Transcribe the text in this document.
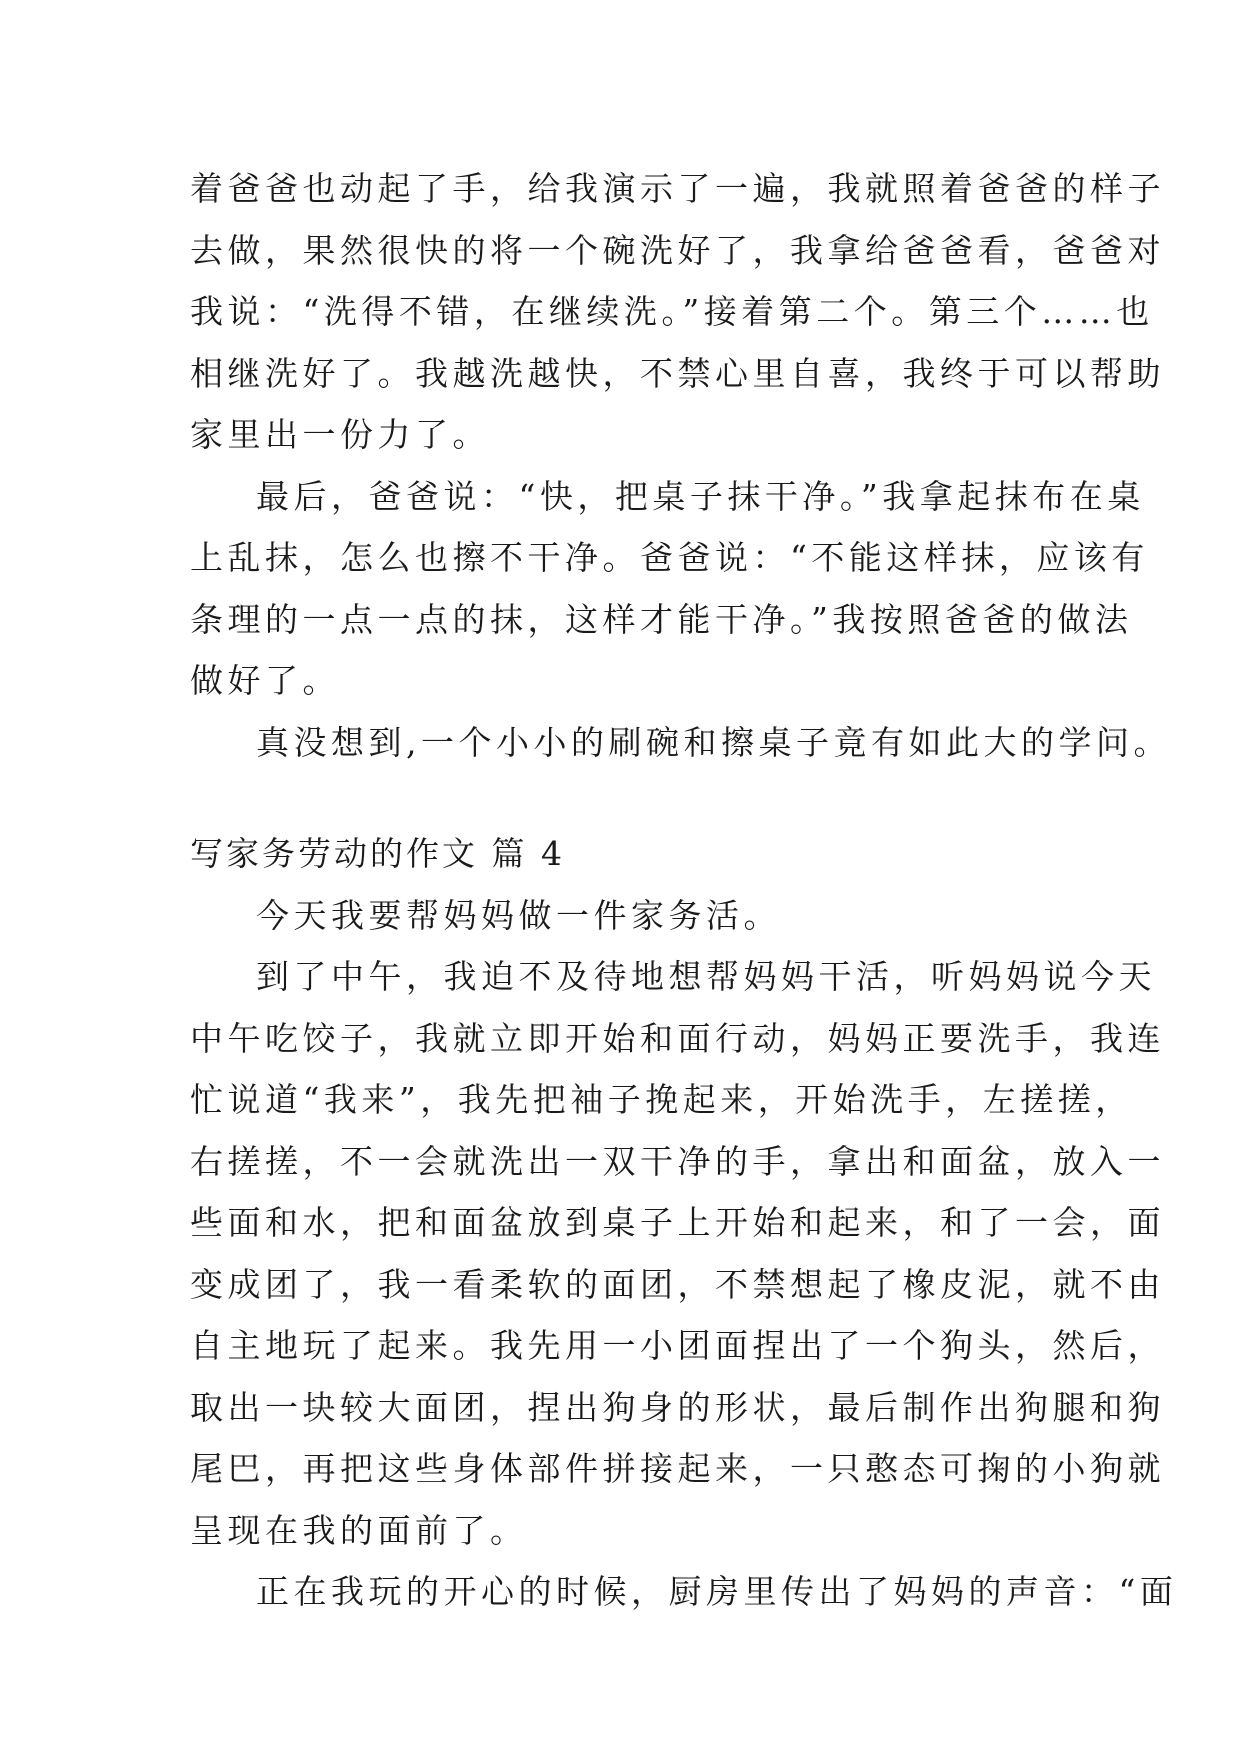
着爸爸也动起了手，给我演示了一遍，我就照着爸爸的样子
去做，果然很快的将一个碗洗好了，我拿给爸爸看，爸爸对
我说：“洗得不错，在继续洗。”接着第二个。第三个……也
相继洗好了。我越洗越快，不禁心里自喜，我终于可以帮助
家里出一份力了。
最后，爸爸说：“快，把桌子抹干净。”我拿起抹布在桌
上乱抹，怎么也擦不干净。爸爸说：“不能这样抹，应该有
条理的一点一点的抹，这样才能干净。”我按照爸爸的做法
做好了。
真没想到,一个小小的刷碗和擦桌子竟有如此大的学问。
写家务劳动的作文 篇 4
今天我要帮妈妈做一件家务活。
到了中午，我迫不及待地想帮妈妈干活，听妈妈说今天
中午吃饺子，我就立即开始和面行动，妈妈正要洗手，我连
忙说道“我来”，我先把袖子挽起来，开始洗手，左搓搓，
右搓搓，不一会就洗出一双干净的手，拿出和面盆，放入一
些面和水，把和面盆放到桌子上开始和起来，和了一会，面
变成团了，我一看柔软的面团，不禁想起了橡皮泥，就不由
自主地玩了起来。我先用一小团面捏出了一个狗头，然后，
取出一块较大面团，捏出狗身的形状，最后制作出狗腿和狗
尾巴，再把这些身体部件拼接起来，一只憨态可掬的小狗就
呈现在我的面前了。
正在我玩的开心的时候，厨房里传出了妈妈的声音：“面
